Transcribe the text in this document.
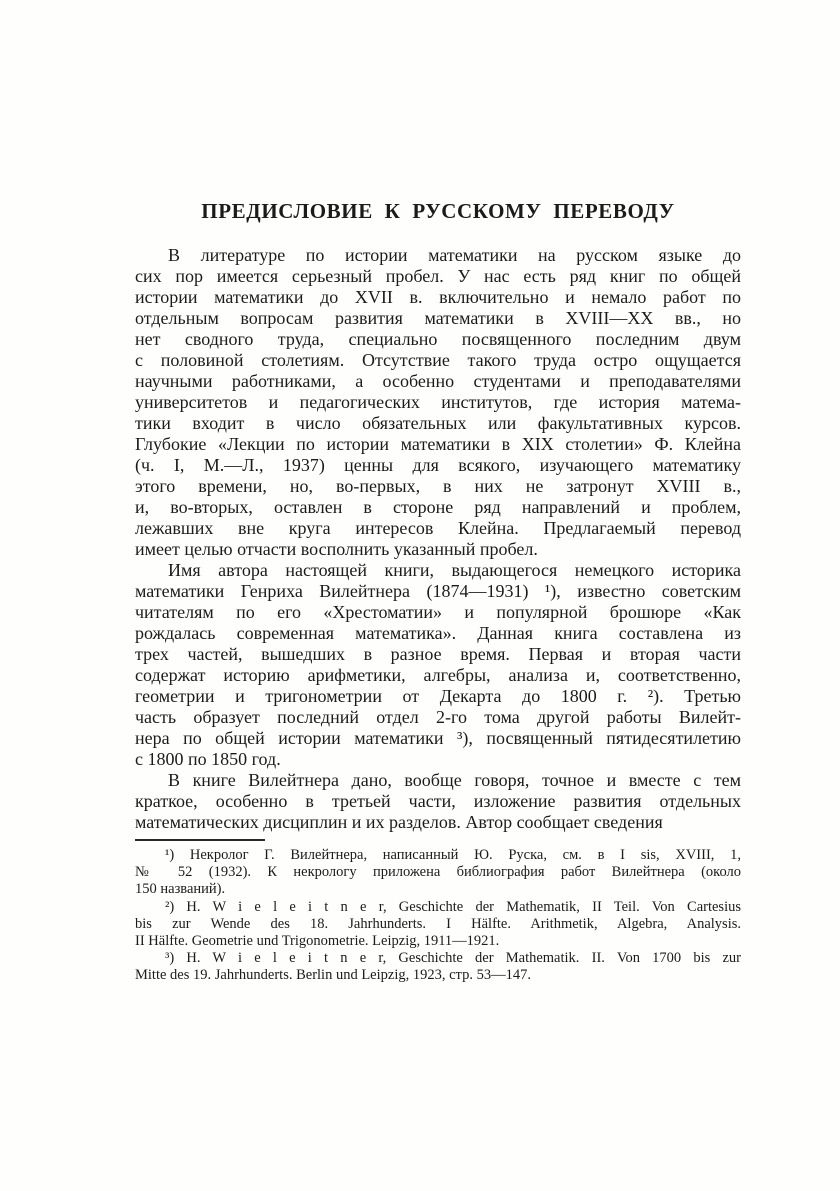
ПРЕДИСЛОВИЕ К РУССКОМУ ПЕРЕВОДУ
В литературе по истории математики на русском языке до
сих пор имеется серьезный пробел. У нас есть ряд книг по общей
истории математики до XVII в. включительно и немало работ по
отдельным вопросам развития математики в XVIII—XX вв., но
нет сводного труда, специально посвященного последним двум
с половиной столетиям. Отсутствие такого труда остро ощущается
научными работниками, а особенно студентами и преподавателями
университетов и педагогических институтов, где история матема-
тики входит в число обязательных или факультативных курсов.
Глубокие «Лекции по истории математики в XIX столетии» Ф. Клейна
(ч. I, М.—Л., 1937) ценны для всякого, изучающего математику
этого времени, но, во-первых, в них не затронут XVIII в.,
и, во-вторых, оставлен в стороне ряд направлений и проблем,
лежавших вне круга интересов Клейна. Предлагаемый перевод
имеет целью отчасти восполнить указанный пробел.
Имя автора настоящей книги, выдающегося немецкого историка
математики Генриха Вилейтнера (1874—1931) ¹), известно советским
читателям по его «Хрестоматии» и популярной брошюре «Как
рождалась современная математика». Данная книга составлена из
трех частей, вышедших в разное время. Первая и вторая части
содержат историю арифметики, алгебры, анализа и, соответственно,
геометрии и тригонометрии от Декарта до 1800 г. ²). Третью
часть образует последний отдел 2-го тома другой работы Вилейт-
нера по общей истории математики ³), посвященный пятидесятилетию
с 1800 по 1850 год.
В книге Вилейтнера дано, вообще говоря, точное и вместе с тем
краткое, особенно в третьей части, изложение развития отдельных
математических дисциплин и их разделов. Автор сообщает сведения
¹) Некролог Г. Вилейтнера, написанный Ю. Руска, см. в I sis, XVIII, 1,
№ 52 (1932). К некрологу приложена библиография работ Вилейтнера (около
150 названий).
²) H. W i e l e i t n e r, Geschichte der Mathematik, II Teil. Von Cartesius
bis zur Wende des 18. Jahrhunderts. I Hälfte. Arithmetik, Algebra, Analysis.
II Hälfte. Geometrie und Trigonometrie. Leipzig, 1911—1921.
³) H. W i e l e i t n e r, Geschichte der Mathematik. II. Von 1700 bis zur
Mitte des 19. Jahrhunderts. Berlin und Leipzig, 1923, стр. 53—147.
